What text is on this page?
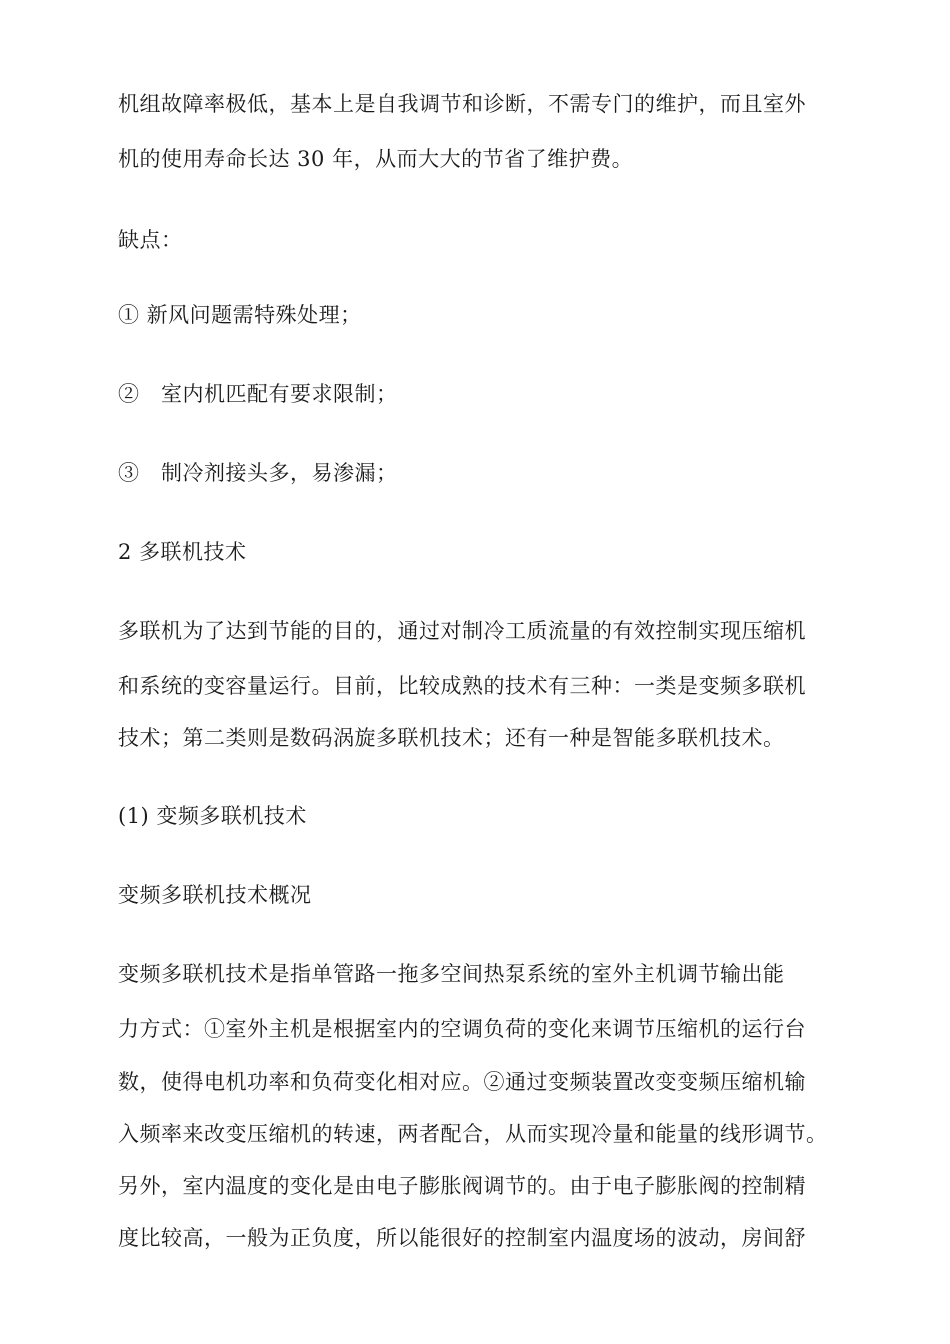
机组故障率极低，基本上是自我调节和诊断，不需专门的维护，而且室外
机的使用寿命长达 30 年，从而大大的节省了维护费。
缺点：
① 新风问题需特殊处理；
②　室内机匹配有要求限制；
③　制冷剂接头多，易渗漏；
2 多联机技术
多联机为了达到节能的目的，通过对制冷工质流量的有效控制实现压缩机
和系统的变容量运行。目前，比较成熟的技术有三种：一类是变频多联机
技术；第二类则是数码涡旋多联机技术；还有一种是智能多联机技术。
(1) 变频多联机技术
变频多联机技术概况
变频多联机技术是指单管路一拖多空间热泵系统的室外主机调节输出能
力方式：①室外主机是根据室内的空调负荷的变化来调节压缩机的运行台
数，使得电机功率和负荷变化相对应。②通过变频装置改变变频压缩机输
入频率来改变压缩机的转速，两者配合，从而实现冷量和能量的线形调节。
另外，室内温度的变化是由电子膨胀阀调节的。由于电子膨胀阀的控制精
度比较高，一般为正负度，所以能很好的控制室内温度场的波动，房间舒
